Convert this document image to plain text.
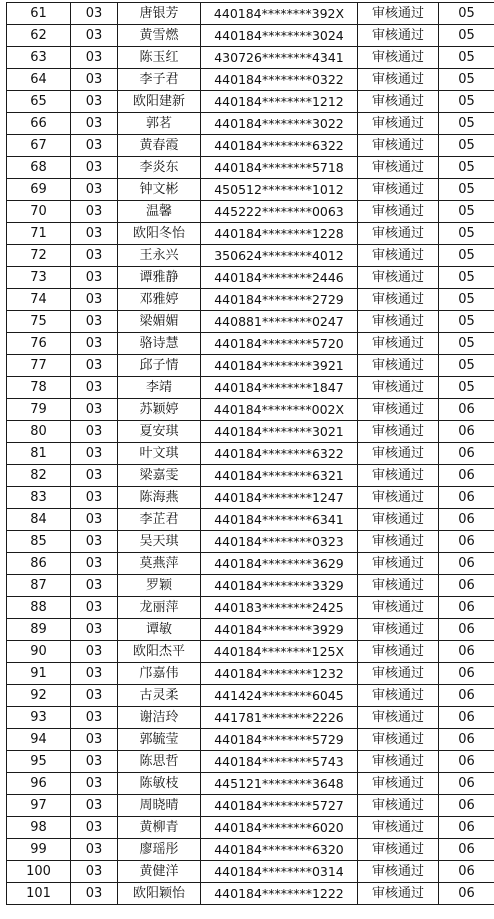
61	03	唐银芳	440184********392X	审核通过	05
62	03	黄雪燃	440184********3024	审核通过	05
63	03	陈玉红	430726********4341	审核通过	05
64	03	李子君	440184********0322	审核通过	05
65	03	欧阳建新	440184********1212	审核通过	05
66	03	郭茗	440184********3022	审核通过	05
67	03	黄春霞	440184********6322	审核通过	05
68	03	李炎东	440184********5718	审核通过	05
69	03	钟文彬	450512********1012	审核通过	05
70	03	温馨	445222********0063	审核通过	05
71	03	欧阳冬怡	440184********1228	审核通过	05
72	03	王永兴	350624********4012	审核通过	05
73	03	谭雅静	440184********2446	审核通过	05
74	03	邓雅婷	440184********2729	审核通过	05
75	03	梁媚媚	440881********0247	审核通过	05
76	03	骆诗慧	440184********5720	审核通过	05
77	03	邱子情	440184********3921	审核通过	05
78	03	李靖	440184********1847	审核通过	05
79	03	苏颖婷	440184********002X	审核通过	06
80	03	夏安琪	440184********3021	审核通过	06
81	03	叶文琪	440184********6322	审核通过	06
82	03	梁嘉雯	440184********6321	审核通过	06
83	03	陈海燕	440184********1247	审核通过	06
84	03	李芷君	440184********6341	审核通过	06
85	03	吴天琪	440184********0323	审核通过	06
86	03	莫燕萍	440184********3629	审核通过	06
87	03	罗颖	440184********3329	审核通过	06
88	03	龙丽萍	440183********2425	审核通过	06
89	03	谭敏	440184********3929	审核通过	06
90	03	欧阳杰平	440184********125X	审核通过	06
91	03	邝嘉伟	440184********1232	审核通过	06
92	03	古灵柔	441424********6045	审核通过	06
93	03	谢洁玲	441781********2226	审核通过	06
94	03	郭毓莹	440184********5729	审核通过	06
95	03	陈思哲	440184********5743	审核通过	06
96	03	陈敏枝	445121********3648	审核通过	06
97	03	周晓晴	440184********5727	审核通过	06
98	03	黄柳青	440184********6020	审核通过	06
99	03	廖瑶彤	440184********6320	审核通过	06
100	03	黄健洋	440184********0314	审核通过	06
101	03	欧阳颖怡	440184********1222	审核通过	06
